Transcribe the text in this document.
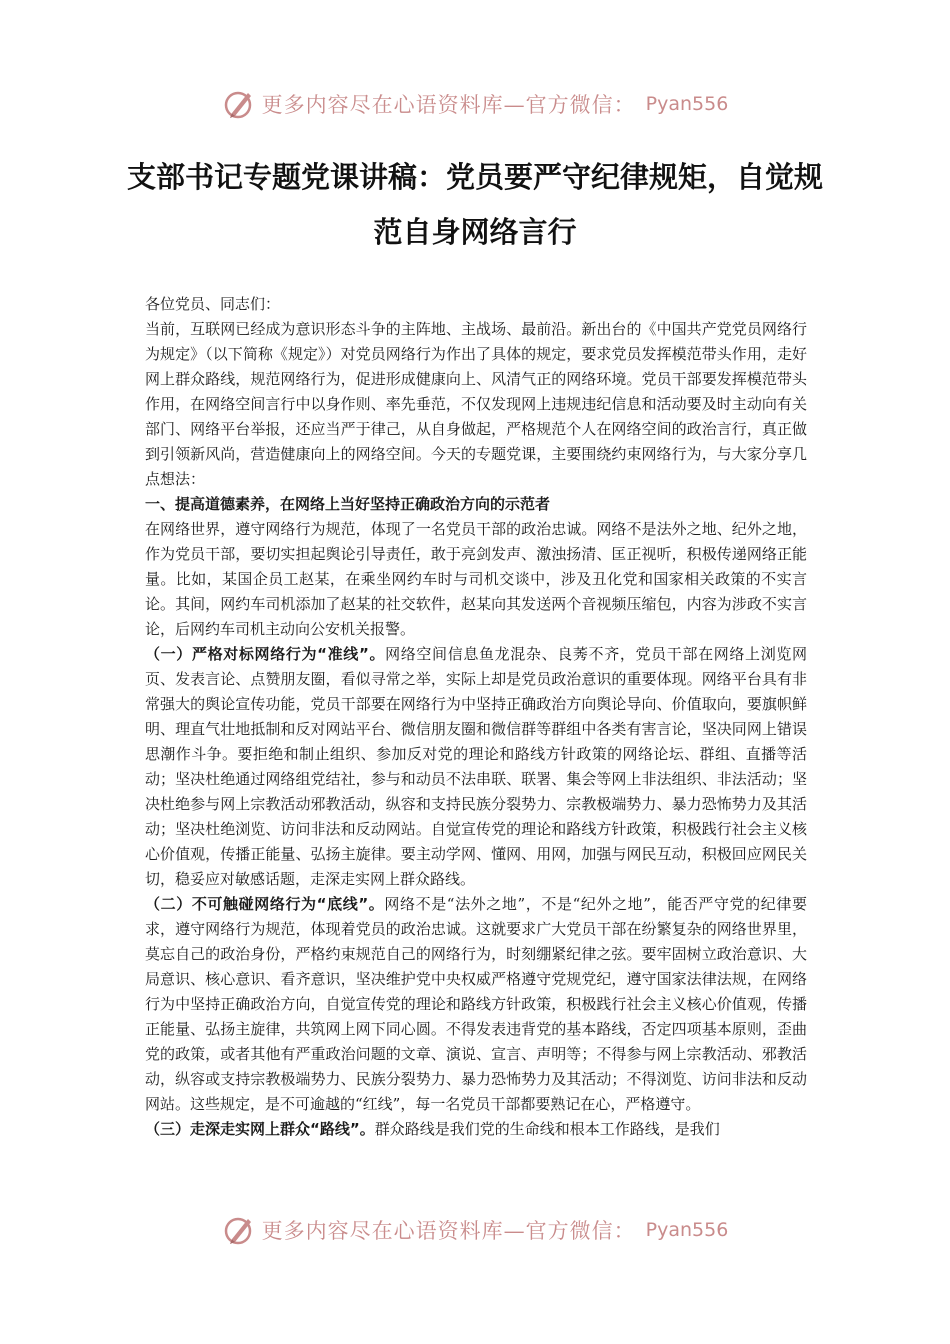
更多内容尽在心语资料库—官方微信： Pyan556
支部书记专题党课讲稿：党员要严守纪律规矩，自觉规范自身网络言行

各位党员、同志们：

当前，互联网已经成为意识形态斗争的主阵地、主战场、最前沿。新出台的《中国共产党党员网络行为规定》（以下简称《规定》）对党员网络行为作出了具体的规定，要求党员发挥模范带头作用，走好网上群众路线，规范网络行为，促进形成健康向上、风清气正的网络环境。党员干部要发挥模范带头作用，在网络空间言行中以身作则、率先垂范，不仅发现网上违规违纪信息和活动要及时主动向有关部门、网络平台举报，还应当严于律己，从自身做起，严格规范个人在网络空间的政治言行，真正做到引领新风尚，营造健康向上的网络空间。今天的专题党课，主要围绕约束网络行为，与大家分享几点想法：

一、提高道德素养，在网络上当好坚持正确政治方向的示范者

在网络世界，遵守网络行为规范，体现了一名党员干部的政治忠诚。网络不是法外之地、纪外之地，作为党员干部，要切实担起舆论引导责任，敢于亮剑发声、激浊扬清、匡正视听，积极传递网络正能量。比如，某国企员工赵某，在乘坐网约车时与司机交谈中，涉及丑化党和国家相关政策的不实言论。其间，网约车司机添加了赵某的社交软件，赵某向其发送两个音视频压缩包，内容为涉政不实言论，后网约车司机主动向公安机关报警。

（一）严格对标网络行为“准线”。网络空间信息鱼龙混杂、良莠不齐，党员干部在网络上浏览网页、发表言论、点赞朋友圈，看似寻常之举，实际上却是党员政治意识的重要体现。网络平台具有非常强大的舆论宣传功能，党员干部要在网络行为中坚持正确政治方向舆论导向、价值取向，要旗帜鲜明、理直气壮地抵制和反对网站平台、微信朋友圈和微信群等群组中各类有害言论，坚决同网上错误思潮作斗争。要拒绝和制止组织、参加反对党的理论和路线方针政策的网络论坛、群组、直播等活动；坚决杜绝通过网络组党结社，参与和动员不法串联、联署、集会等网上非法组织、非法活动；坚决杜绝参与网上宗教活动邪教活动，纵容和支持民族分裂势力、宗教极端势力、暴力恐怖势力及其活动；坚决杜绝浏览、访问非法和反动网站。自觉宣传党的理论和路线方针政策，积极践行社会主义核心价值观，传播正能量、弘扬主旋律。要主动学网、懂网、用网，加强与网民互动，积极回应网民关切，稳妥应对敏感话题，走深走实网上群众路线。

（二）不可触碰网络行为“底线”。网络不是“法外之地”，不是“纪外之地”，能否严守党的纪律要求，遵守网络行为规范，体现着党员的政治忠诚。这就要求广大党员干部在纷繁复杂的网络世界里，莫忘自己的政治身份，严格约束规范自己的网络行为，时刻绷紧纪律之弦。要牢固树立政治意识、大局意识、核心意识、看齐意识，坚决维护党中央权威严格遵守党规党纪，遵守国家法律法规，在网络行为中坚持正确政治方向，自觉宣传党的理论和路线方针政策，积极践行社会主义核心价值观，传播正能量、弘扬主旋律，共筑网上网下同心圆。不得发表违背党的基本路线，否定四项基本原则，歪曲党的政策，或者其他有严重政治问题的文章、演说、宣言、声明等；不得参与网上宗教活动、邪教活动，纵容或支持宗教极端势力、民族分裂势力、暴力恐怖势力及其活动；不得浏览、访问非法和反动网站。这些规定，是不可逾越的“红线”，每一名党员干部都要熟记在心，严格遵守。

（三）走深走实网上群众“路线”。群众路线是我们党的生命线和根本工作路线，是我们

更多内容尽在心语资料库—官方微信： Pyan556
